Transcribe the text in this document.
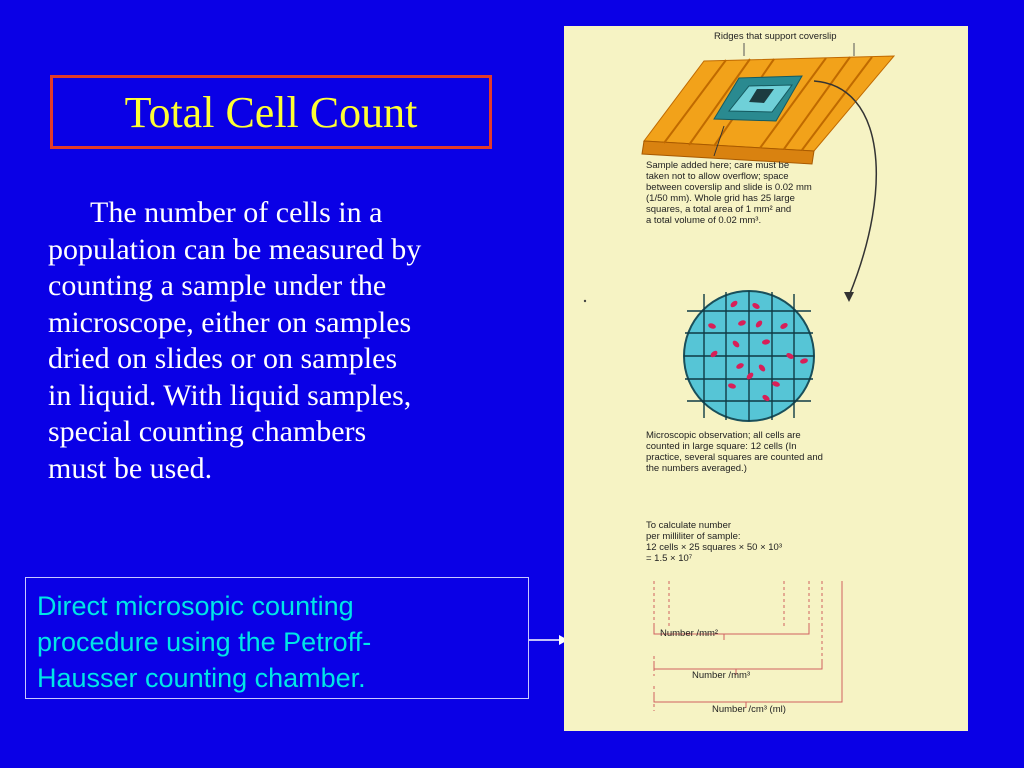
Total Cell Count
The number of cells in a
population can be measured by
counting a sample under the
microscope, either on samples
dried on slides or on samples
in liquid. With liquid samples,
special counting chambers
must be used.
Direct microsopic counting
procedure using the Petroff-
Hausser counting chamber.
Ridges that support coverslip
Sample added here; care must be
taken not to allow overflow; space
between coverslip and slide is 0.02 mm
(1/50 mm). Whole grid has 25 large
squares, a total area of 1 mm² and
a total volume of 0.02 mm³.
Microscopic observation; all cells are
counted in large square: 12 cells (In
practice, several squares are counted and
the numbers averaged.)
To calculate number
per milliliter of sample:
12 cells × 25 squares × 50 × 10³
= 1.5 × 10⁷
Number /mm²
Number /mm³
Number /cm³ (ml)
